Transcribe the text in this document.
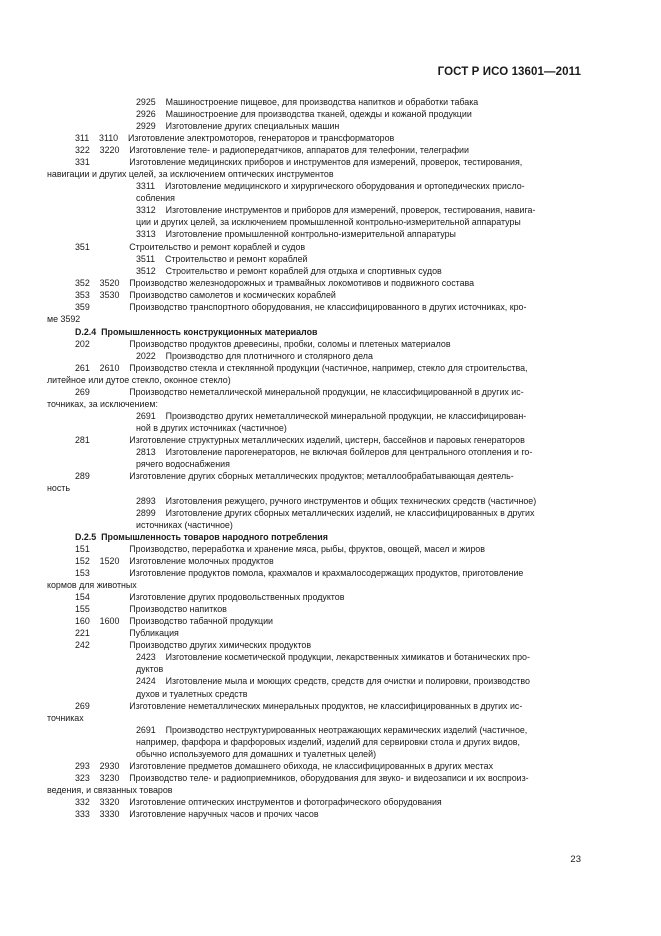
ГОСТ Р ИСО 13601—2011
2925    Машиностроение пищевое, для производства напитков и обработки табака
2926    Машиностроение для производства тканей, одежды и кожаной продукции
2929    Изготовление других специальных машин
311    3110    Изготовление электромоторов, генераторов и трансформаторов
322    3220    Изготовление теле- и радиопередатчиков, аппаратов для телефонии, телеграфии
331                Изготовление медицинских приборов и инструментов для измерений, проверок, тестирования,
навигации и других целей, за исключением оптических инструментов
3311    Изготовление медицинского и хирургического оборудования и ортопедических присло-
собления
3312    Изготовление инструментов и приборов для измерений, проверок, тестирования, навига-
ции и других целей, за исключением промышленной контрольно-измерительной аппаратуры
3313    Изготовление промышленной контрольно-измерительной аппаратуры
351                Строительство и ремонт кораблей и судов
3511    Строительство и ремонт кораблей
3512    Строительство и ремонт кораблей для отдыха и спортивных судов
352    3520    Производство железнодорожных и трамвайных локомотивов и подвижного состава
353    3530    Производство самолетов и космических кораблей
359                Производство транспортного оборудования, не классифицированного в других источниках, кро-
ме 3592
D.2.4  Промышленность конструкционных материалов
202                Производство продуктов древесины, пробки, соломы и плетеных материалов
2022    Производство для плотничного и столярного дела
261    2610    Производство стекла и стеклянной продукции (частичное, например, стекло для строительства,
литейное или дутое стекло, оконное стекло)
269                Производство неметаллической минеральной продукции, не классифицированной в других ис-
точниках, за исключением:
2691    Производство других неметаллической минеральной продукции, не классифицирован-
ной в других источниках (частичное)
281                Изготовление структурных металлических изделий, цистерн, бассейнов и паровых генераторов
2813    Изготовление парогенераторов, не включая бойлеров для центрального отопления и го-
рячего водоснабжения
289                Изготовление других сборных металлических продуктов; металлообрабатывающая деятель-
ность
2893    Изготовления режущего, ручного инструментов и общих технических средств (частичное)
2899    Изготовление других сборных металлических изделий, не классифицированных в других
источниках (частичное)
D.2.5  Промышленность товаров народного потребления
151                Производство, переработка и хранение мяса, рыбы, фруктов, овощей, масел и жиров
152    1520    Изготовление молочных продуктов
153                Изготовление продуктов помола, крахмалов и крахмалосодержащих продуктов, приготовление
кормов для животных
154                Изготовление других продовольственных продуктов
155                Производство напитков
160    1600    Производство табачной продукции
221                Публикация
242                Производство других химических продуктов
2423    Изготовление косметической продукции, лекарственных химикатов и ботанических про-
дуктов
2424    Изготовление мыла и моющих средств, средств для очистки и полировки, производство
духов и туалетных средств
269                Изготовление неметаллических минеральных продуктов, не классифицированных в других ис-
точниках
2691    Производство неструктурированных неотражающих керамических изделий (частичное,
например, фарфора и фарфоровых изделий, изделий для сервировки стола и других видов,
обычно используемого для домашних и туалетных целей)
293    2930    Изготовление предметов домашнего обихода, не классифицированных в других местах
323    3230    Производство теле- и радиоприемников, оборудования для звуко- и видеозаписи и их воспроиз-
ведения, и связанных товаров
332    3320    Изготовление оптических инструментов и фотографического оборудования
333    3330    Изготовление наручных часов и прочих часов
23
